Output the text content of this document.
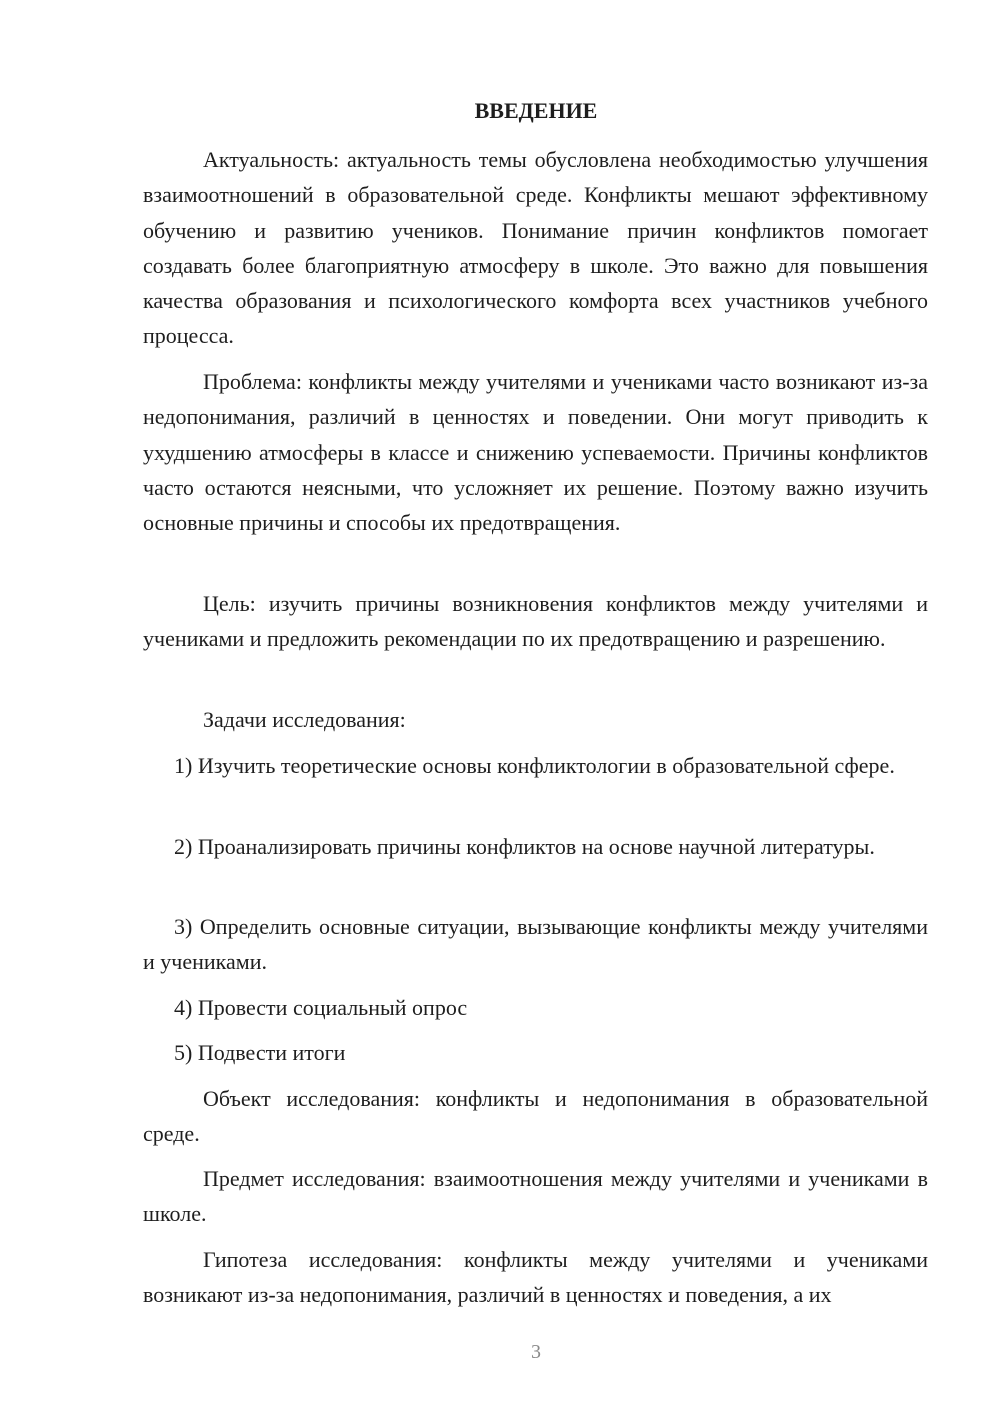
ВВЕДЕНИЕ

Актуальность: актуальность темы обусловлена необходимостью улучшения взаимоотношений в образовательной среде. Конфликты мешают эффективному обучению и развитию учеников. Понимание причин конфликтов помогает создавать более благоприятную атмосферу в школе. Это важно для повышения качества образования и психологического комфорта всех участников учебного процесса.

Проблема: конфликты между учителями и учениками часто возникают из-за недопонимания, различий в ценностях и поведении. Они могут приводить к ухудшению атмосферы в классе и снижению успеваемости. Причины конфликтов часто остаются неясными, что усложняет их решение. Поэтому важно изучить основные причины и способы их предотвращения.

Цель: изучить причины возникновения конфликтов между учителями и учениками и предложить рекомендации по их предотвращению и разрешению.

Задачи исследования:

1) Изучить теоретические основы конфликтологии в образовательной сфере.

2) Проанализировать причины конфликтов на основе научной литературы.

3) Определить основные ситуации, вызывающие конфликты между учителями и учениками.

4) Провести социальный опрос

5) Подвести итоги

Объект исследования: конфликты и недопонимания в образовательной среде.

Предмет исследования: взаимоотношения между учителями и учениками в школе.

Гипотеза исследования: конфликты между учителями и учениками возникают из-за недопонимания, различий в ценностях и поведения, а их

3
